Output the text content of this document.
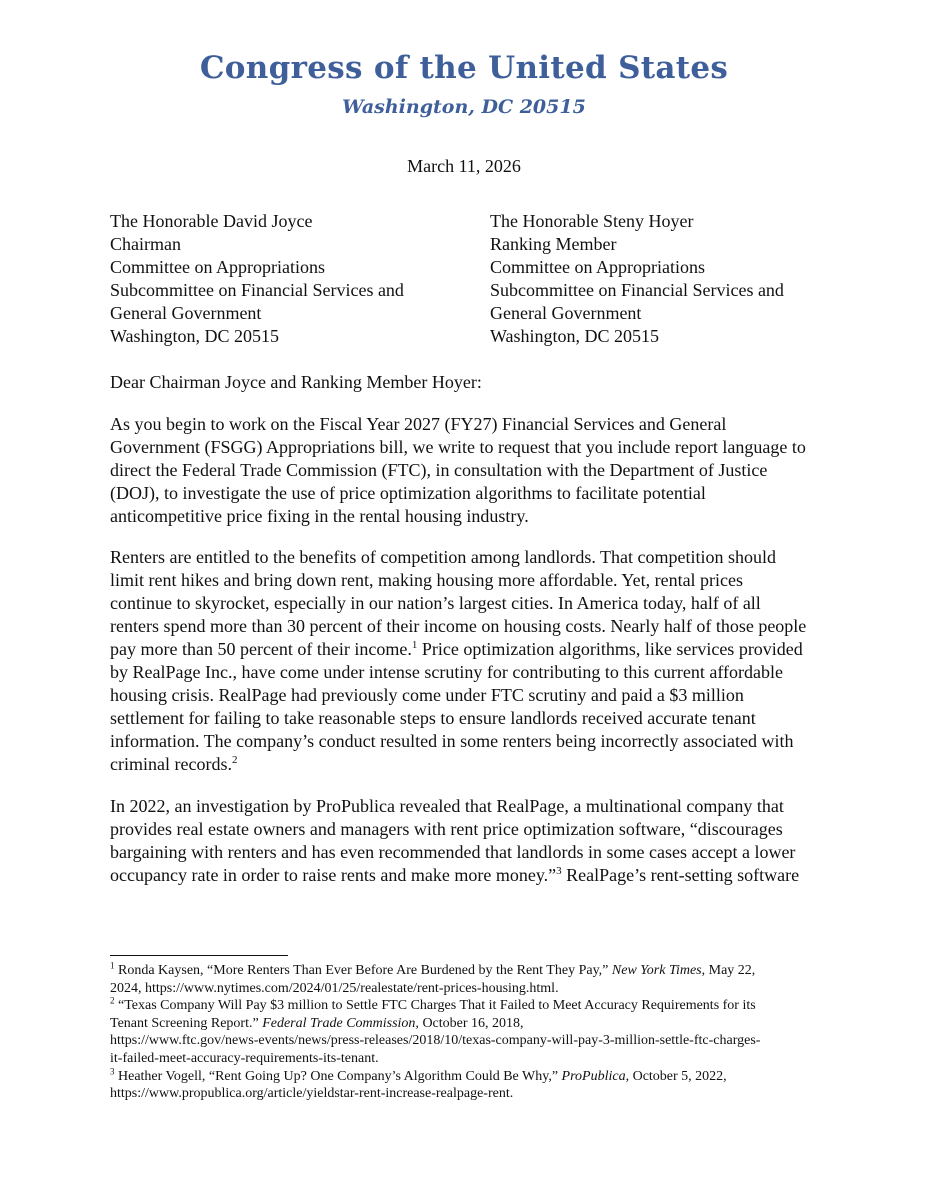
Congress of the United States
Washington, DC 20515
March 11, 2026
The Honorable David Joyce
Chairman
Committee on Appropriations
Subcommittee on Financial Services and
General Government
Washington, DC 20515
The Honorable Steny Hoyer
Ranking Member
Committee on Appropriations
Subcommittee on Financial Services and
General Government
Washington, DC 20515
Dear Chairman Joyce and Ranking Member Hoyer:
As you begin to work on the Fiscal Year 2027 (FY27) Financial Services and General
Government (FSGG) Appropriations bill, we write to request that you include report language to
direct the Federal Trade Commission (FTC), in consultation with the Department of Justice
(DOJ), to investigate the use of price optimization algorithms to facilitate potential
anticompetitive price fixing in the rental housing industry.
Renters are entitled to the benefits of competition among landlords. That competition should
limit rent hikes and bring down rent, making housing more affordable. Yet, rental prices
continue to skyrocket, especially in our nation’s largest cities. In America today, half of all
renters spend more than 30 percent of their income on housing costs. Nearly half of those people
pay more than 50 percent of their income.$^1$ Price optimization algorithms, like services provided
by RealPage Inc., have come under intense scrutiny for contributing to this current affordable
housing crisis. RealPage had previously come under FTC scrutiny and paid a $3 million
settlement for failing to take reasonable steps to ensure landlords received accurate tenant
information. The company’s conduct resulted in some renters being incorrectly associated with
criminal records.$^2$
In 2022, an investigation by ProPublica revealed that RealPage, a multinational company that
provides real estate owners and managers with rent price optimization software, “discourages
bargaining with renters and has even recommended that landlords in some cases accept a lower
occupancy rate in order to raise rents and make more money.”$^3$ RealPage’s rent-setting software
$^1$ Ronda Kaysen, “More Renters Than Ever Before Are Burdened by the Rent They Pay,” New York Times, May 22,
2024, https://www.nytimes.com/2024/01/25/realestate/rent-prices-housing.html.
$^2$ “Texas Company Will Pay $3 million to Settle FTC Charges That it Failed to Meet Accuracy Requirements for its
Tenant Screening Report.” Federal Trade Commission, October 16, 2018,
https://www.ftc.gov/news-events/news/press-releases/2018/10/texas-company-will-pay-3-million-settle-ftc-charges-
it-failed-meet-accuracy-requirements-its-tenant.
$^3$ Heather Vogell, “Rent Going Up? One Company’s Algorithm Could Be Why,” ProPublica, October 5, 2022,
https://www.propublica.org/article/yieldstar-rent-increase-realpage-rent.
